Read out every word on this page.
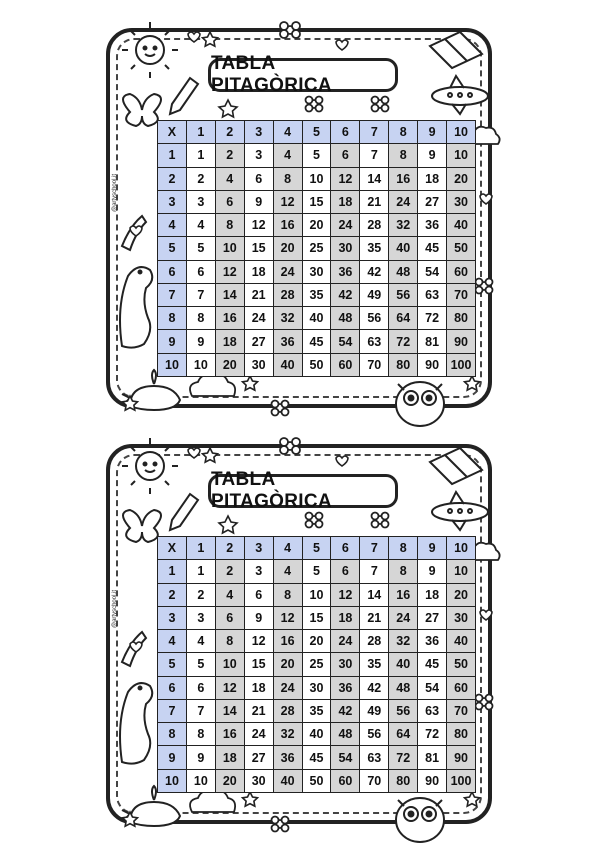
TABLA PITAGÒRICA
@artyschool.it
X	1	2	3	4	5	6	7	8	9	10
1	1	2	3	4	5	6	7	8	9	10
2	2	4	6	8	10	12	14	16	18	20
3	3	6	9	12	15	18	21	24	27	30
4	4	8	12	16	20	24	28	32	36	40
5	5	10	15	20	25	30	35	40	45	50
6	6	12	18	24	30	36	42	48	54	60
7	7	14	21	28	35	42	49	56	63	70
8	8	16	24	32	40	48	56	64	72	80
9	9	18	27	36	45	54	63	72	81	90
10	10	20	30	40	50	60	70	80	90	100
TABLA PITAGÒRICA
@artyschool.it
X	1	2	3	4	5	6	7	8	9	10
1	1	2	3	4	5	6	7	8	9	10
2	2	4	6	8	10	12	14	16	18	20
3	3	6	9	12	15	18	21	24	27	30
4	4	8	12	16	20	24	28	32	36	40
5	5	10	15	20	25	30	35	40	45	50
6	6	12	18	24	30	36	42	48	54	60
7	7	14	21	28	35	42	49	56	63	70
8	8	16	24	32	40	48	56	64	72	80
9	9	18	27	36	45	54	63	72	81	90
10	10	20	30	40	50	60	70	80	90	100
